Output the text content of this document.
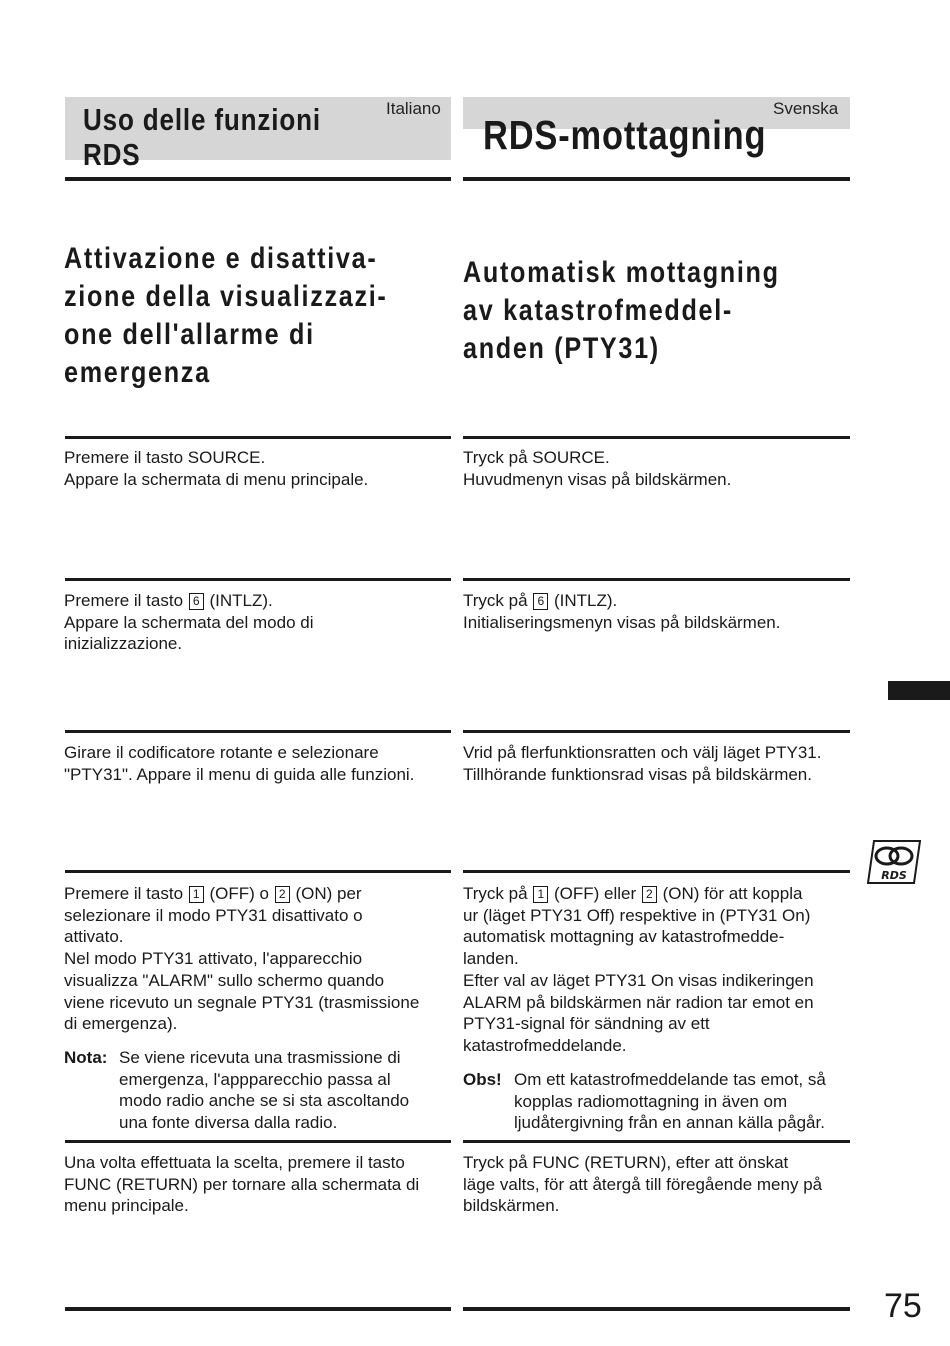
Italiano
Uso delle funzioni
RDS
Attivazione e disattiva-
zione della visualizzazi-
one dell'allarme di
emergenza
Premere il tasto SOURCE.
Appare la schermata di menu principale.
Premere il tasto 6 (INTLZ).
Appare la schermata del modo di
inizializzazione.
Girare il codificatore rotante e selezionare
"PTY31". Appare il menu di guida alle funzioni.
Premere il tasto 1 (OFF) o 2 (ON) per
selezionare il modo PTY31 disattivato o
attivato.
Nel modo PTY31 attivato, l'apparecchio
visualizza "ALARM" sullo schermo quando
viene ricevuto un segnale PTY31 (trasmissione
di emergenza).
Nota: Se viene ricevuta una trasmissione di
emergenza, l'appparecchio passa al
modo radio anche se si sta ascoltando
una fonte diversa dalla radio.
Una volta effettuata la scelta, premere il tasto
FUNC (RETURN) per tornare alla schermata di
menu principale.
Svenska
RDS-mottagning
Automatisk mottagning
av katastrofmeddel-
anden (PTY31)
Tryck på SOURCE.
Huvudmenyn visas på bildskärmen.
Tryck på 6 (INTLZ).
Initialiseringsmenyn visas på bildskärmen.
Vrid på flerfunktionsratten och välj läget PTY31.
Tillhörande funktionsrad visas på bildskärmen.
Tryck på 1 (OFF) eller 2 (ON) för att koppla
ur (läget PTY31 Off) respektive in (PTY31 On)
automatisk mottagning av katastrofmedde-
landen.
Efter val av läget PTY31 On visas indikeringen
ALARM på bildskärmen när radion tar emot en
PTY31-signal för sändning av ett
katastrofmeddelande.
Obs! Om ett katastrofmeddelande tas emot, så
kopplas radiomottagning in även om
ljudåtergivning från en annan källa pågår.
Tryck på FUNC (RETURN), efter att önskat
läge valts, för att återgå till föregående meny på
bildskärmen.
RDS
75
